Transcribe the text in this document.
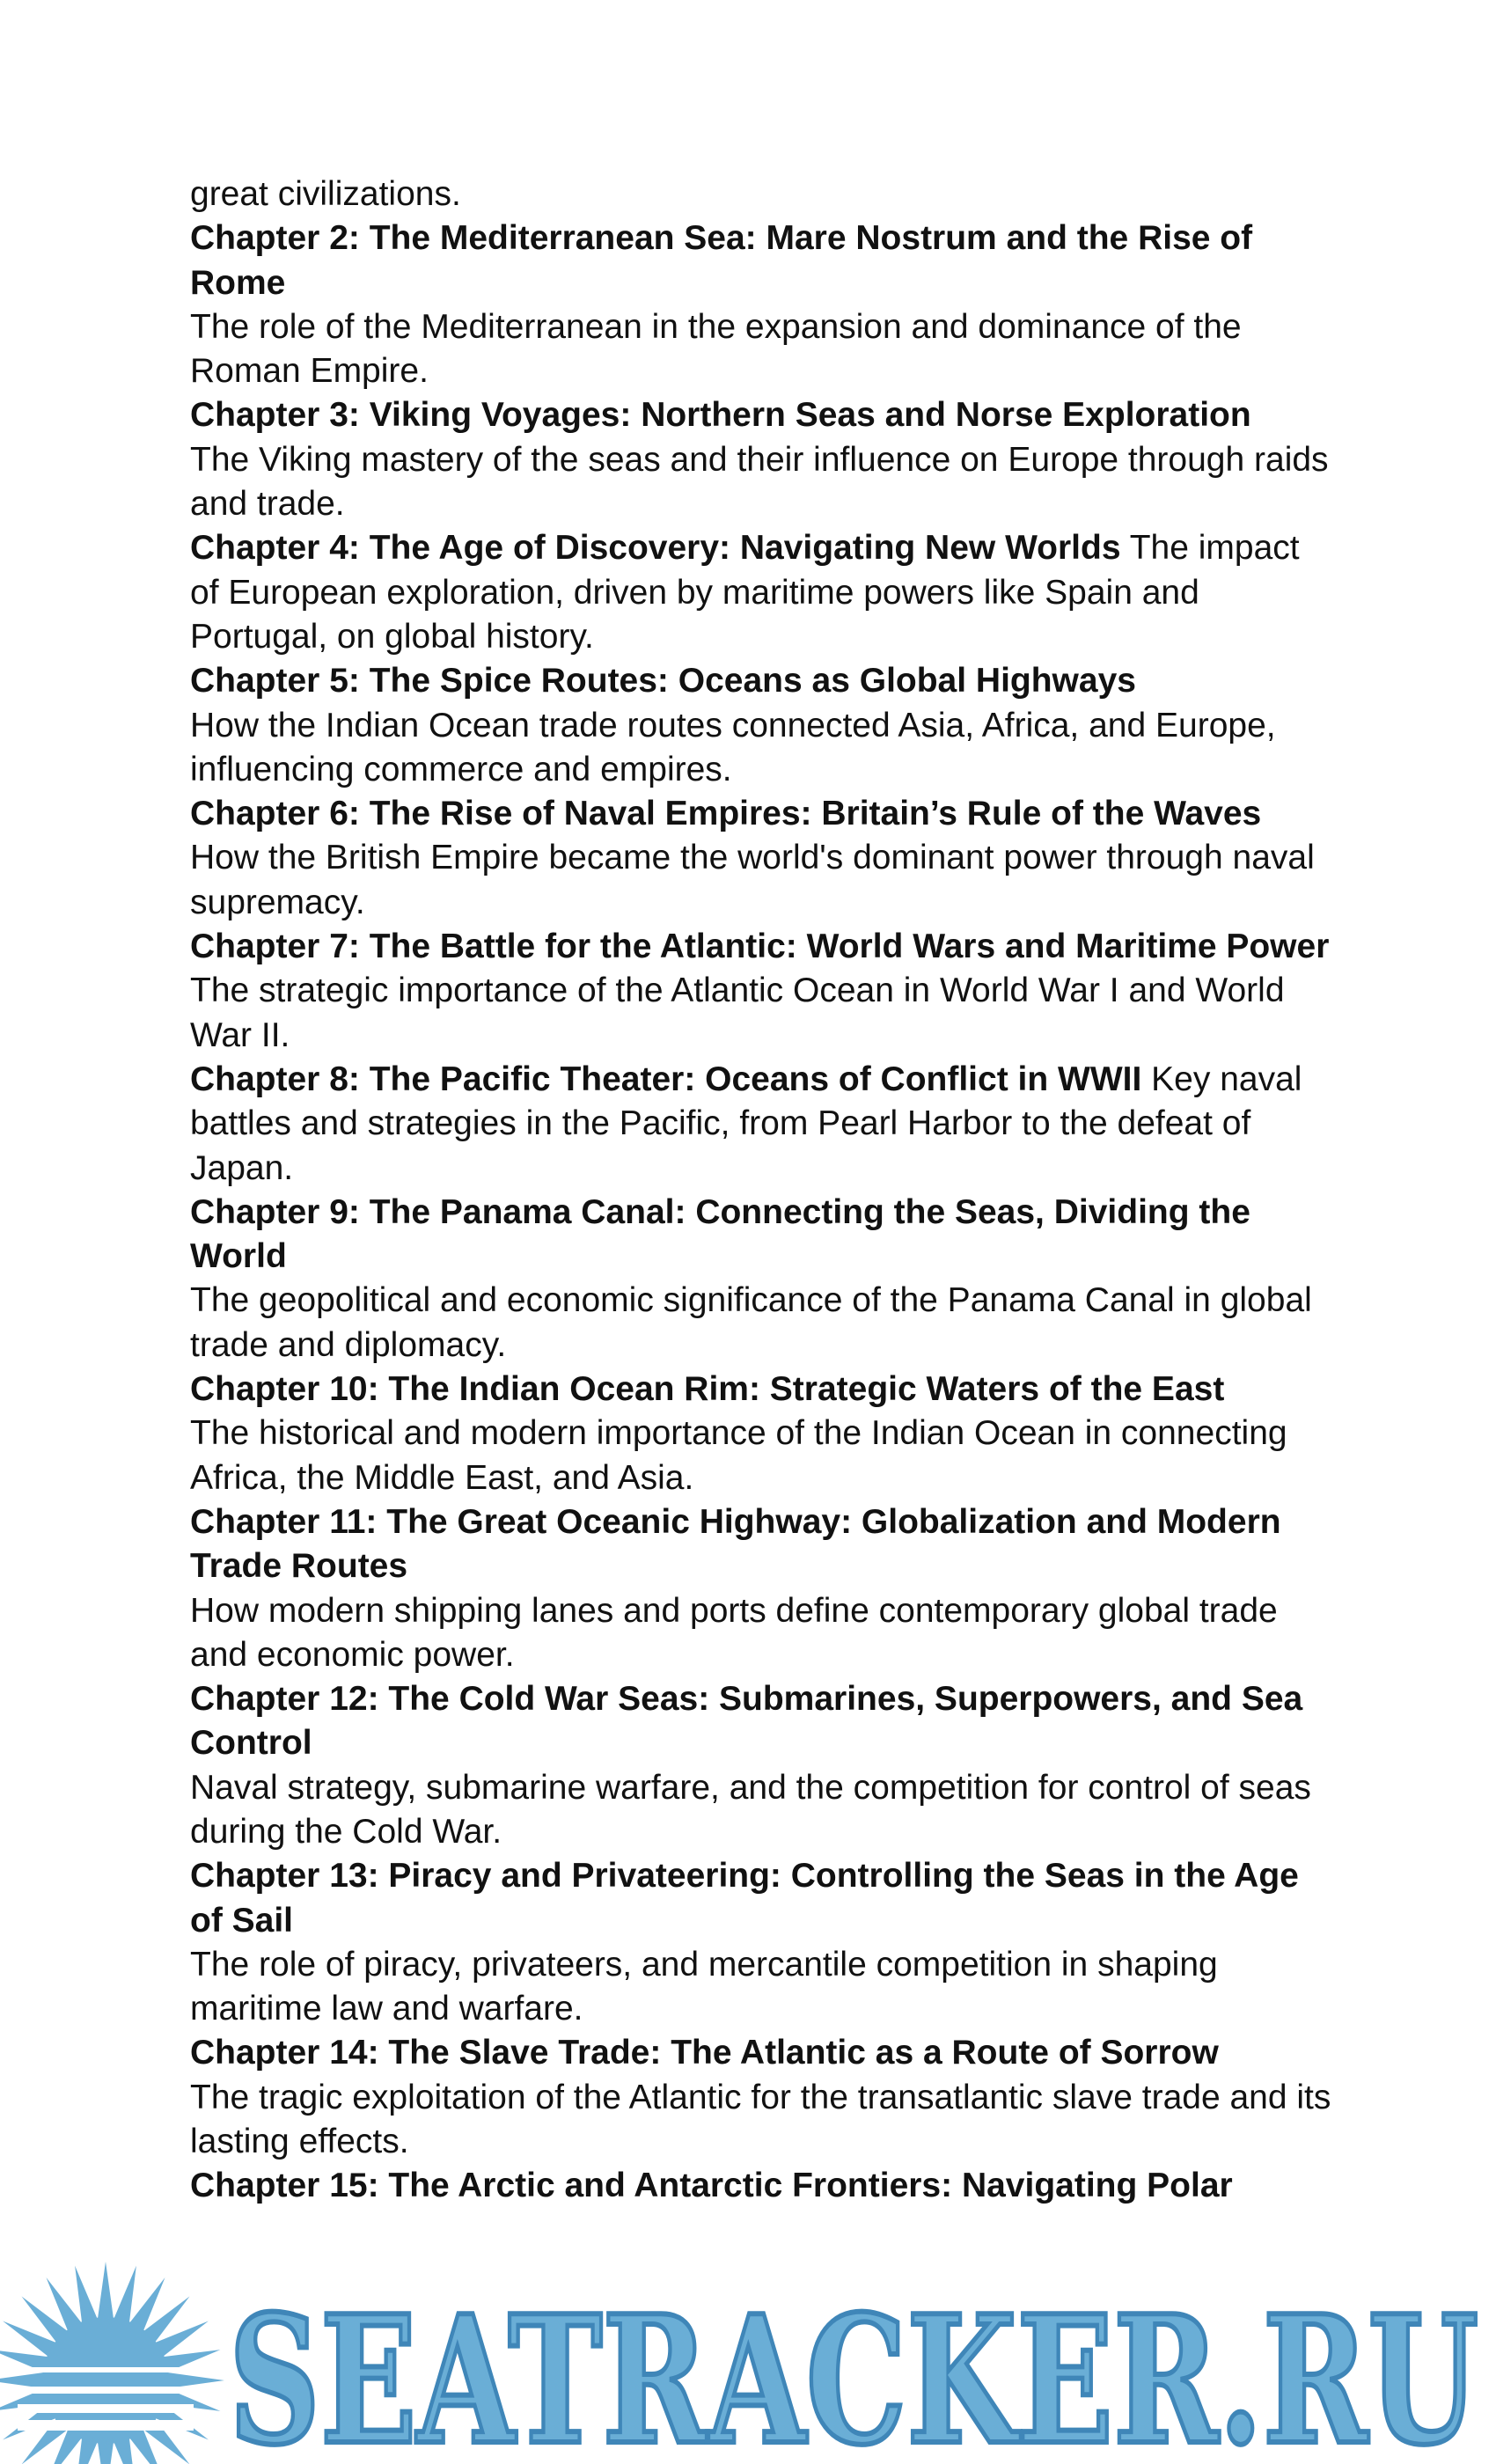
great civilizations.
Chapter 2: The Mediterranean Sea: Mare Nostrum and the Rise of Rome
The role of the Mediterranean in the expansion and dominance of the Roman Empire.
Chapter 3: Viking Voyages: Northern Seas and Norse Exploration
The Viking mastery of the seas and their influence on Europe through raids and trade.
Chapter 4: The Age of Discovery: Navigating New Worlds The impact of European exploration, driven by maritime powers like Spain and Portugal, on global history.
Chapter 5: The Spice Routes: Oceans as Global Highways
How the Indian Ocean trade routes connected Asia, Africa, and Europe, influencing commerce and empires.
Chapter 6: The Rise of Naval Empires: Britain’s Rule of the Waves
How the British Empire became the world's dominant power through naval supremacy.
Chapter 7: The Battle for the Atlantic: World Wars and Maritime Power
The strategic importance of the Atlantic Ocean in World War I and World War II.
Chapter 8: The Pacific Theater: Oceans of Conflict in WWII Key naval battles and strategies in the Pacific, from Pearl Harbor to the defeat of Japan.
Chapter 9: The Panama Canal: Connecting the Seas, Dividing the World
The geopolitical and economic significance of the Panama Canal in global trade and diplomacy.
Chapter 10: The Indian Ocean Rim: Strategic Waters of the East
The historical and modern importance of the Indian Ocean in connecting Africa, the Middle East, and Asia.
Chapter 11: The Great Oceanic Highway: Globalization and Modern Trade Routes
How modern shipping lanes and ports define contemporary global trade and economic power.
Chapter 12: The Cold War Seas: Submarines, Superpowers, and Sea Control
Naval strategy, submarine warfare, and the competition for control of seas during the Cold War.
Chapter 13: Piracy and Privateering: Controlling the Seas in the Age of Sail
The role of piracy, privateers, and mercantile competition in shaping maritime law and warfare.
Chapter 14: The Slave Trade: The Atlantic as a Route of Sorrow
The tragic exploitation of the Atlantic for the transatlantic slave trade and its lasting effects.
Chapter 15: The Arctic and Antarctic Frontiers: Navigating Polar
SEATRACKER.RU
